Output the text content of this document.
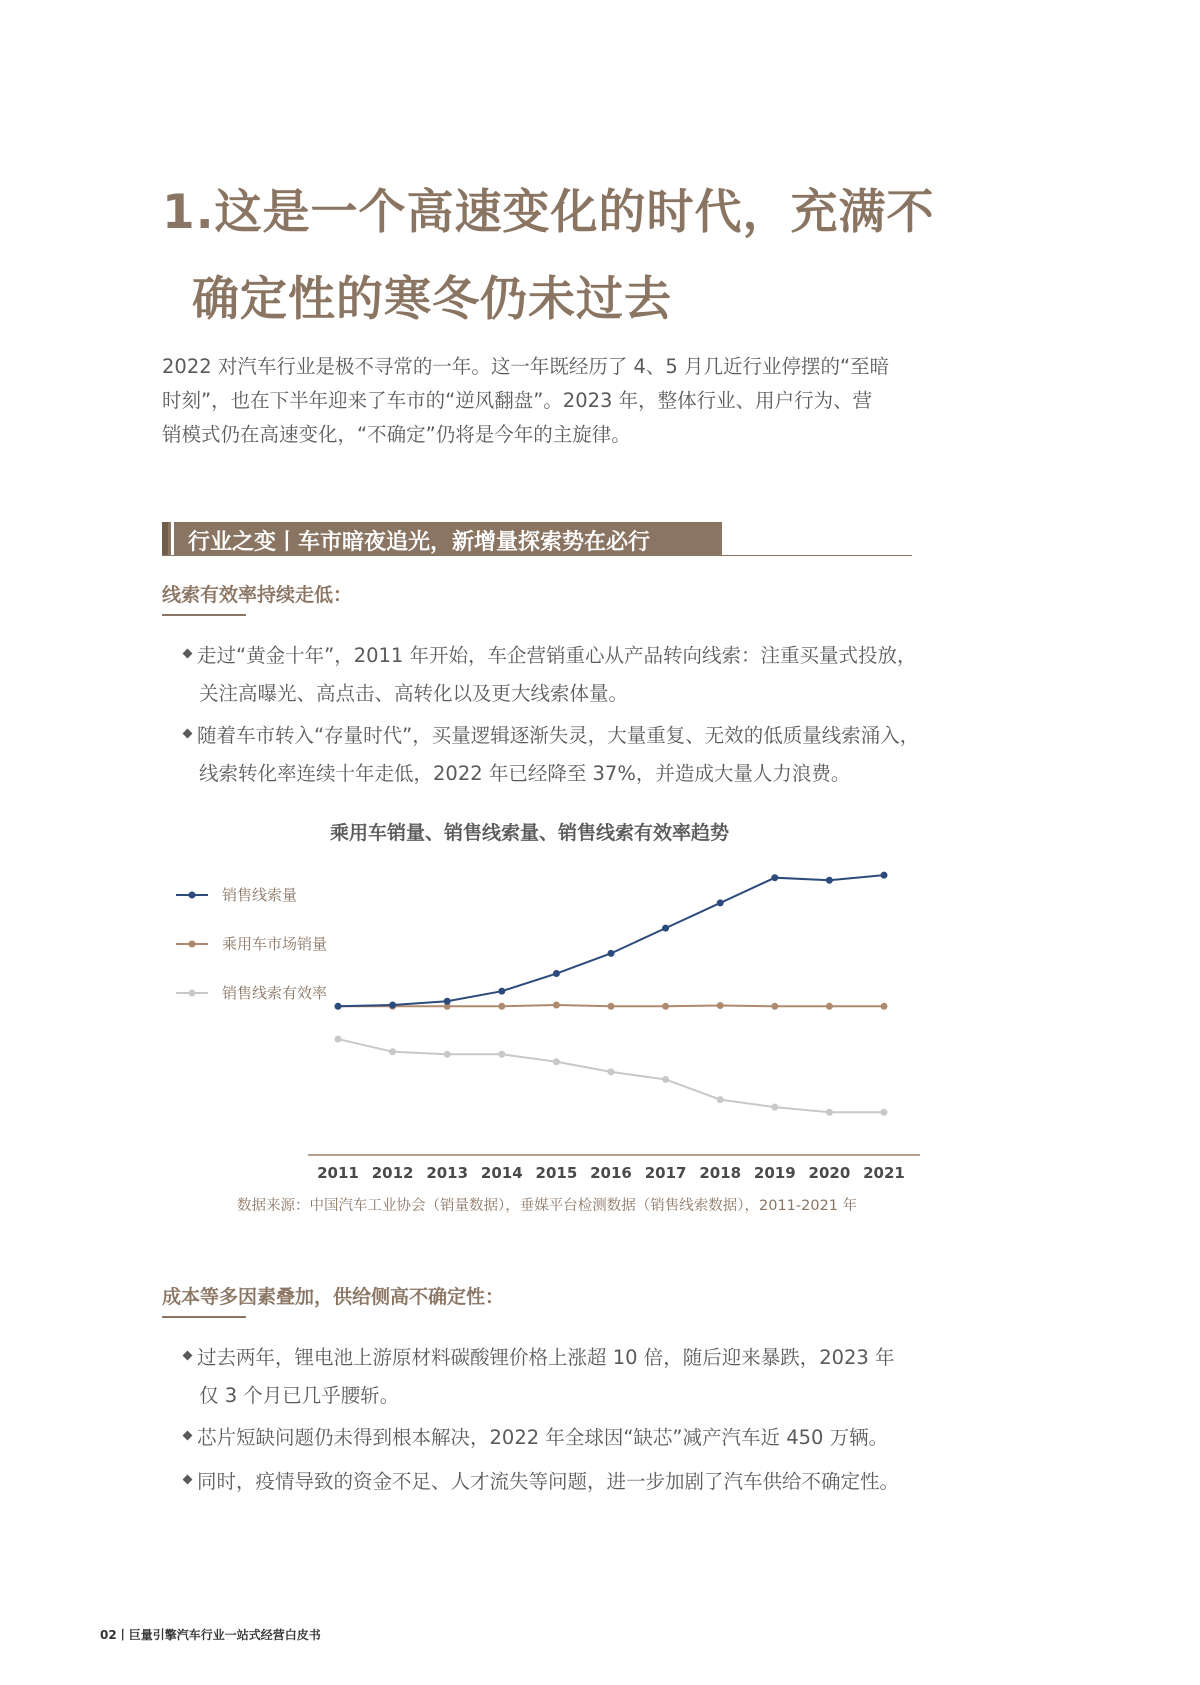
1.这是一个高速变化的时代，充满不
确定性的寒冬仍未过去
2022 对汽车行业是极不寻常的一年。这一年既经历了 4、5 月几近行业停摆的“至暗
时刻”，也在下半年迎来了车市的“逆风翻盘”。2023 年，整体行业、用户行为、营
销模式仍在高速变化，“不确定”仍将是今年的主旋律。
行业之变丨车市暗夜追光，新增量探索势在必行
线索有效率持续走低：
走过“黄金十年”，2011 年开始，车企营销重心从产品转向线索：注重买量式投放，
关注高曝光、高点击、高转化以及更大线索体量。
随着车市转入“存量时代”，买量逻辑逐渐失灵，大量重复、无效的低质量线索涌入，
线索转化率连续十年走低，2022 年已经降至 37%，并造成大量人力浪费。
乘用车销量、销售线索量、销售线索有效率趋势
2011 2012 2013 2014 2015 2016 2017 2018 2019 2020 2021
销售线索量
乘用车市场销量
销售线索有效率
数据来源：中国汽车工业协会（销量数据），垂媒平台检测数据（销售线索数据），2011-2021 年
成本等多因素叠加，供给侧高不确定性：
过去两年，锂电池上游原材料碳酸锂价格上涨超 10 倍，随后迎来暴跌，2023 年
仅 3 个月已几乎腰斩。
芯片短缺问题仍未得到根本解决，2022 年全球因“缺芯”减产汽车近 450 万辆。
同时，疫情导致的资金不足、人才流失等问题，进一步加剧了汽车供给不确定性。
02丨巨量引擎汽车行业一站式经营白皮书
